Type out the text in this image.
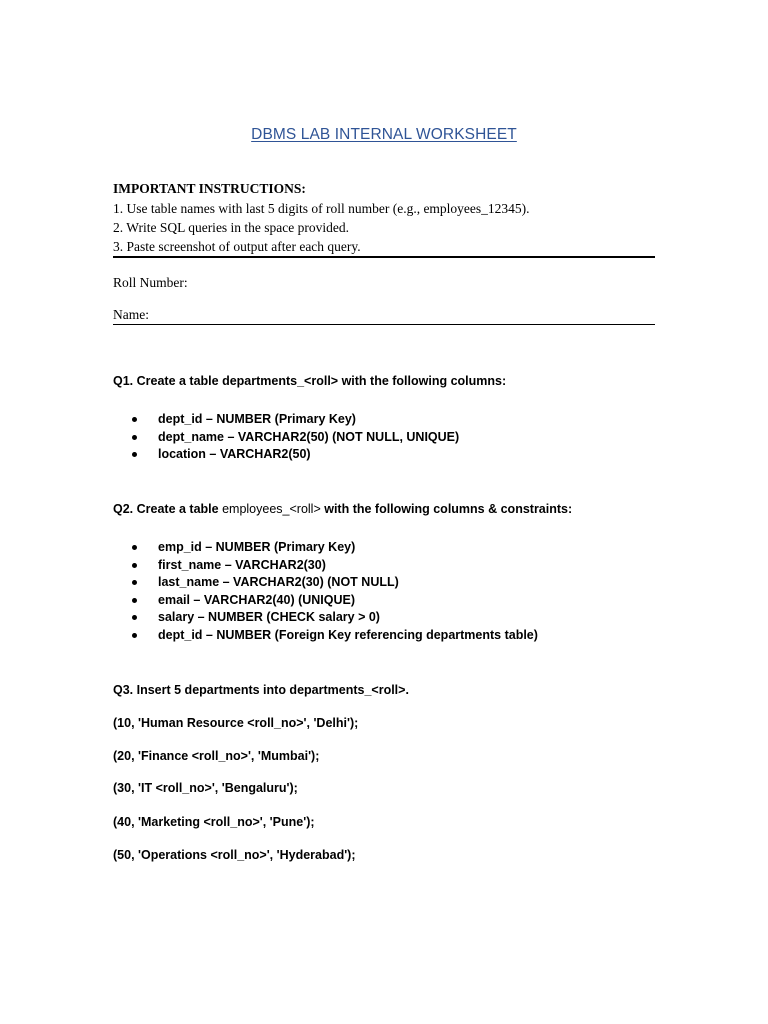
DBMS LAB INTERNAL WORKSHEET
IMPORTANT INSTRUCTIONS:
1. Use table names with last 5 digits of roll number (e.g., employees_12345).
2. Write SQL queries in the space provided.
3. Paste screenshot of output after each query.
Roll Number:
Name:
Q1. Create a table departments_<roll> with the following columns:
dept_id – NUMBER (Primary Key)
dept_name – VARCHAR2(50) (NOT NULL, UNIQUE)
location – VARCHAR2(50)
Q2. Create a table employees_<roll> with the following columns & constraints:
emp_id – NUMBER (Primary Key)
first_name – VARCHAR2(30)
last_name – VARCHAR2(30) (NOT NULL)
email – VARCHAR2(40) (UNIQUE)
salary – NUMBER (CHECK salary > 0)
dept_id – NUMBER (Foreign Key referencing departments table)
Q3. Insert 5 departments into departments_<roll>.
(10, 'Human Resource <roll_no>', 'Delhi');
(20, 'Finance <roll_no>', 'Mumbai');
(30, 'IT <roll_no>', 'Bengaluru');
(40, 'Marketing <roll_no>', 'Pune');
(50, 'Operations <roll_no>', 'Hyderabad');
